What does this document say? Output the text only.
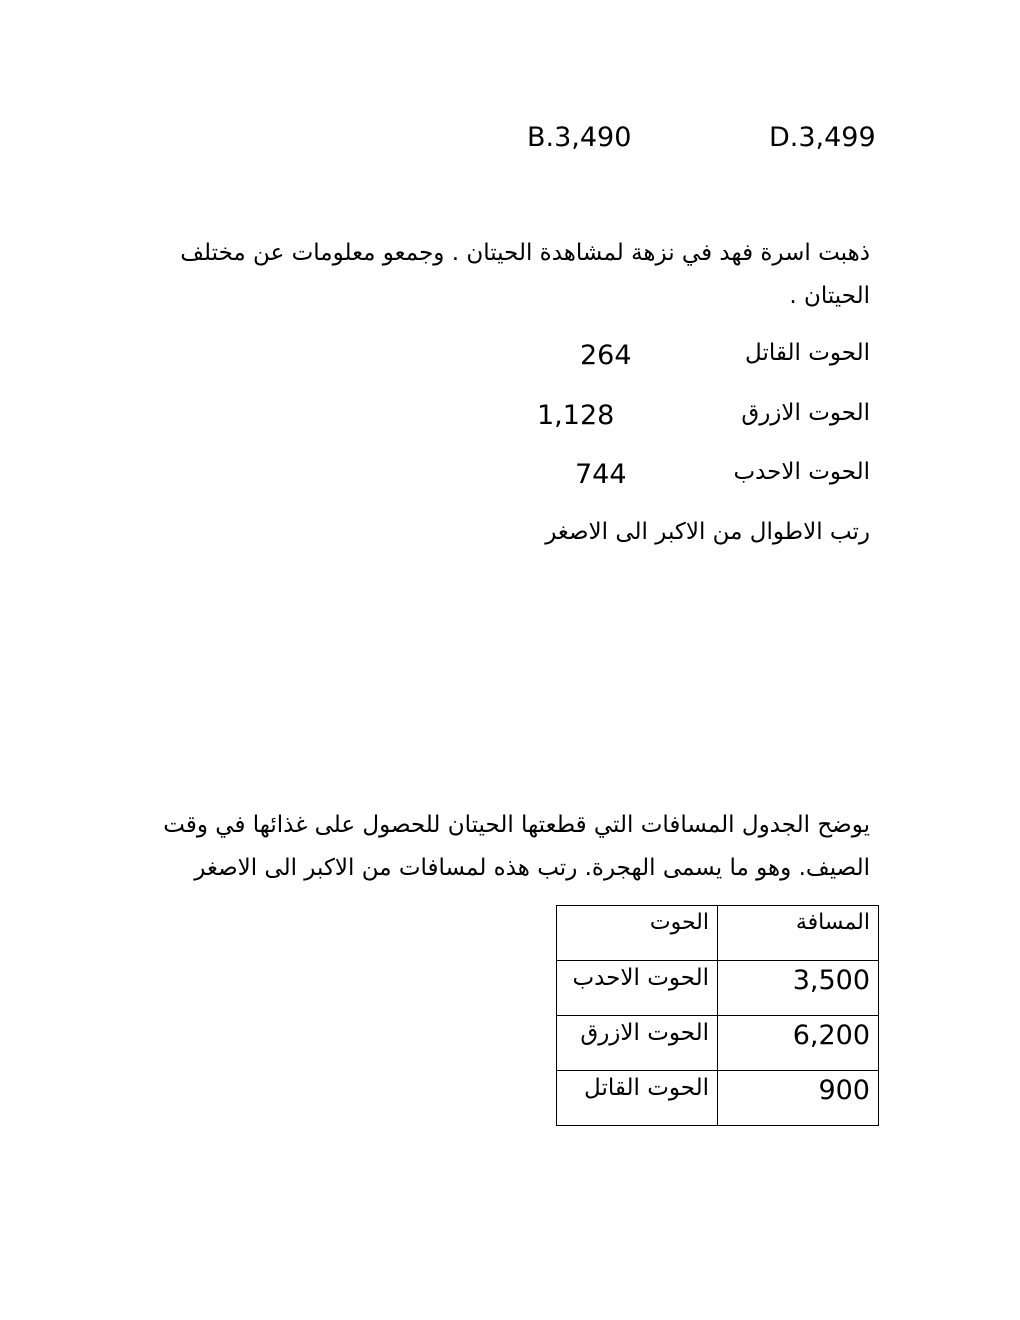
B.3,490	D.3,499
ذهبت اسرة فهد في نزهة لمشاهدة الحيتان . وجمعو معلومات عن مختلف
الحيتان .
الحوت القاتل
264
الحوت الازرق
1,128
الحوت الاحدب
744
رتب الاطوال من الاكبر الى الاصغر
يوضح الجدول المسافات التي قطعتها الحيتان للحصول على غذائها في وقت
الصيف. وهو ما يسمى الهجرة. رتب هذه لمسافات من الاكبر الى الاصغر
المسافة	الحوت
3,500	الحوت الاحدب
6,200	الحوت الازرق
900	الحوت القاتل
